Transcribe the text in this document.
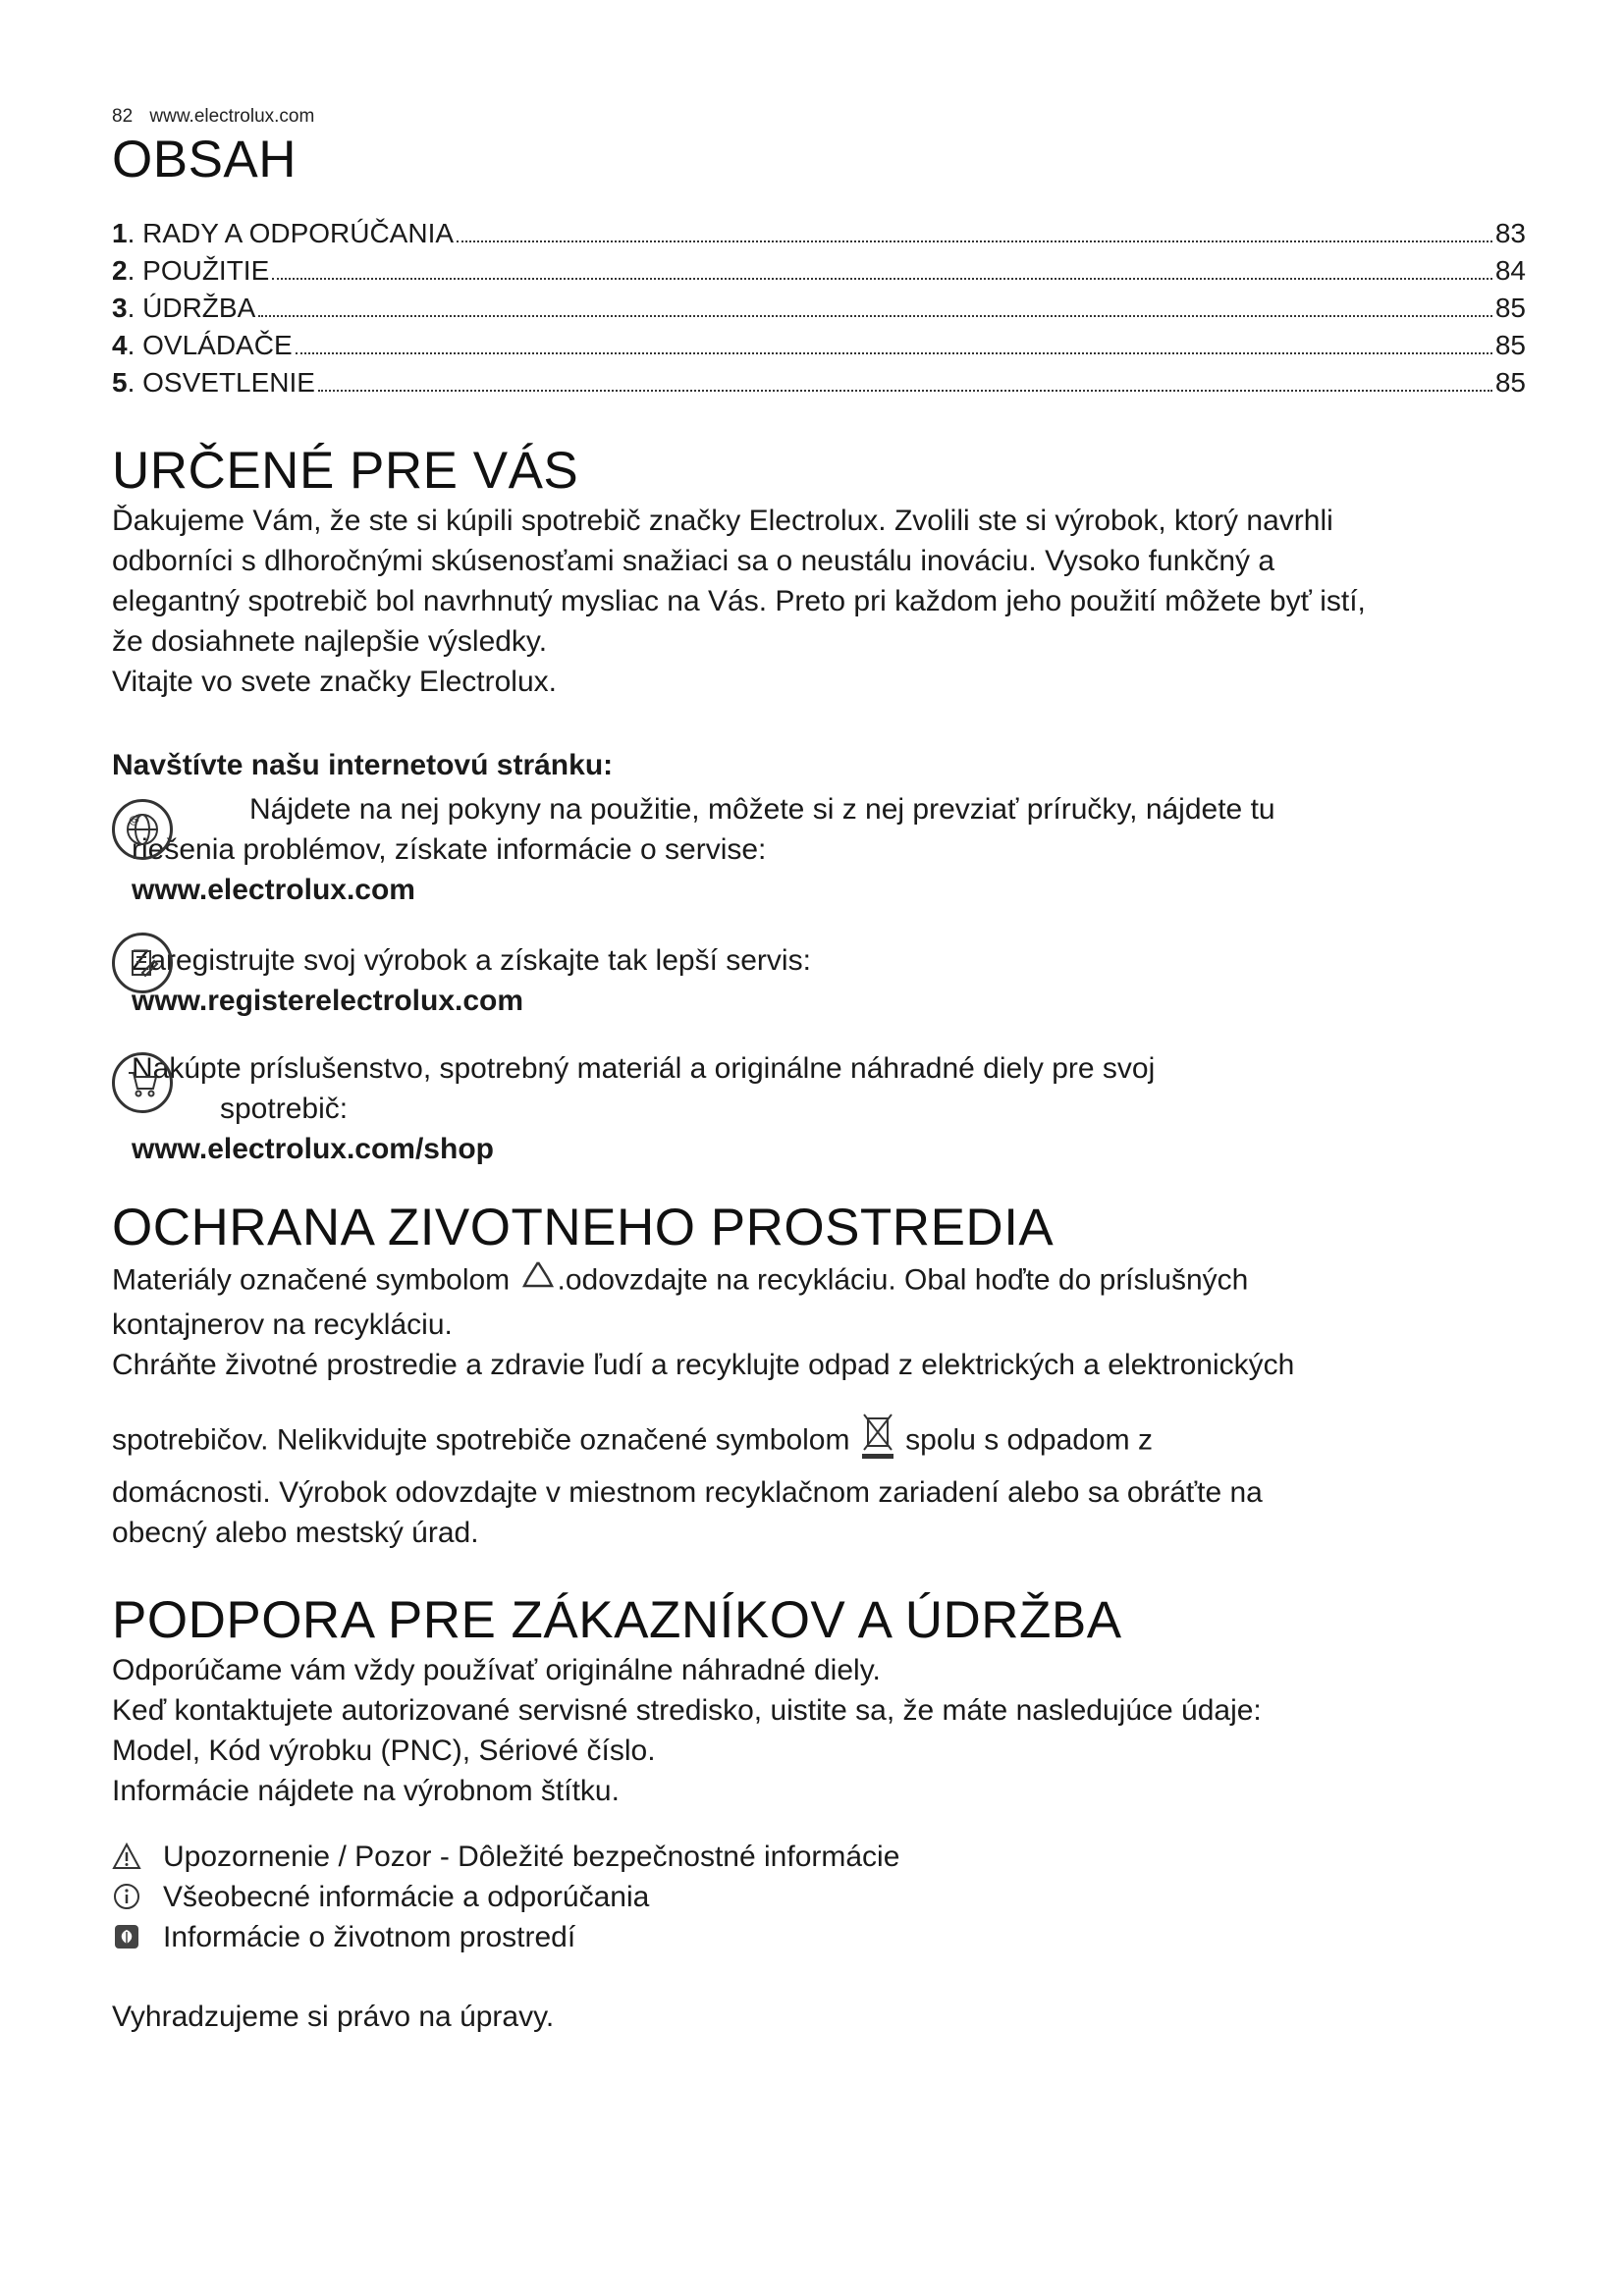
82 www.electrolux.com
OBSAH
1 . RADY A ODPORÚČANIA	83
2 . POUŽITIE	84
3 . ÚDRŽBA	85
4 . OVLÁDAČE	85
5 . OSVETLENIE	85
URČENÉ PRE VÁS

Ďakujeme Vám, že ste si kúpili spotrebič značky Electrolux. Zvolili ste si výrobok, ktorý navrhli

odborníci s dlhoročnými skúsenosťami snažiaci sa o neustálu inováciu. Vysoko funkčný a

elegantný spotrebič bol navrhnutý mysliac na Vás. Preto pri každom jeho použití môžete byť istí,

že dosiahnete najlepšie výsledky.

Vitajte vo svete značky Electrolux.

Navštívte našu internetovú stránku:

@	Nájdete na nej pokyny na použitie, môžete si z nej prevziať príručky, nájdete tu

riešenia problémov, získate informácie o servise:

www.electrolux.com

Zaregistrujte svoj výrobok a získajte tak lepší servis:

www.registerelectrolux.com

Nakúpte príslušenstvo, spotrebný materiál a originálne náhradné diely pre svoj

spotrebič:

www.electrolux.com/shop

OCHRANA ZIVOTNEHO PROSTREDIA

Materiály označené symbolom .odovzdajte na recykláciu. Obal hoďte do príslušných

kontajnerov na recykláciu.

Chráňte životné prostredie a zdravie ľudí a recyklujte odpad z elektrických a elektronických

spotrebičov. Nelikvidujte spotrebiče označené symbolom spolu s odpadom z

domácnosti. Výrobok odovzdajte v miestnom recyklačnom zariadení alebo sa obráťte na

obecný alebo mestský úrad.

PODPORA PRE ZÁKAZNÍKOV A ÚDRŽBA

Odporúčame vám vždy používať originálne náhradné diely.

Keď kontaktujete autorizované servisné stredisko, uistite sa, že máte nasledujúce údaje:

Model, Kód výrobku (PNC), Sériové číslo.

Informácie nájdete na výrobnom štítku.

Upozornenie / Pozor - Dôležité bezpečnostné informácie
Všeobecné informácie a odporúčania
Informácie o životnom prostredí

Vyhradzujeme si právo na úpravy.
